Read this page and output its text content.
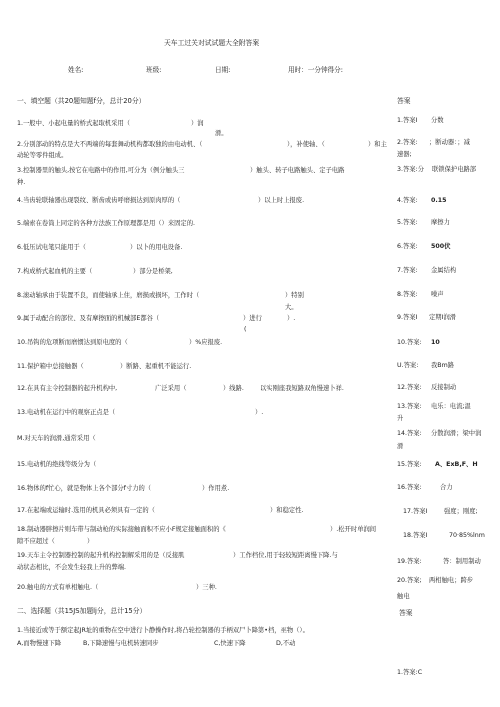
天车工过关对试试题大全附答案
姓名:	班级:	日期:	用时：一分钟得分:
一、填空题（共20题知题f分，总计20分）	答案
1.一般中、小起电量的桥式起取机采用（	）润
滑。
2.分别部动的特点是大不两端的每套舞动机构都取独的由电动机、（	），补使轴、（	）和主
动轮等零件组成。
3.控制器里的触头,按它在电路中的作用,可分为（例分触头三	）触头、转子电路触头、定子电路
种.
4.当齿轮联轴器出现裂纹、断齿或齿呼磨损达到原肉厚的（	）以上时上报废.
5.端索在卷筒上同定的各种方法族工作原理都是用（）来固定的.
6.低压试电笔只能用于（	）以卜的用电设备.
7.构成桥式起血机的主要（	）部分是桥架,
8.滚动轴承由于装置不良，而使轴承上住，磨损或损坏，工作时（	）特别
大。
9.属于动配合的部位、及有摩擦面的机械部E都谷（	）进行	）.
(
10.吊钩的危项断而磨惯达到原电度的（	）%应报废.
11.保护箱中总接触器（	）断路、起重机不能运行.
12.在具有主令控制器的起升机构中,	广泛采用（	）线路.	以实刚座我短路双角慢速卜祥.
13.电动机在运行中的观察正点是（	）.
M.对天车的润滑,通常采用（
15.电动机的绝线等级分为（
16.物体的f忙心，就是物体上各个部分f寸力的（	）作用煮.
17.在起端或运输时.选用的机具必须具有一定的（	）和稳定性.
18.制动器胖擦片则车带与制动枪的实际接触面积不应小F规定接触面积的《	）.松开时单润间
隙不应超过（	）
19.天车主令控制器控制的起升机构控制解采用的是（反接肌	）工作档位,用于轻较短距离慢下降.与
动状态相比，不会发生轻我上升的弊端.
20.触电的方式有单相触电.（	）三种.
1.答案I 分数
2.答案: ；断动器：；减
速器;
3.答案:分 联锁保护电路部
4.答案: 0.15
5.答案: 摩擦力
6.答案: 500伏
7.答案: 金属结构
8.答案: 噪声
9.答案I 定期I润滑
10.答案: 10
U.答案: 我Bm路
12.答案: 反接制动
13.答案: 电乐：电流;温
升
14.答案: 分散润滑；梁中润
滑
15.答案: A、ExB,F、H
16.答案:	合力
17.答案I	强度；刚度;
18.答案I	70·85%lnm
19.答案:	答：制用制动
20.答案; 两相触电；跨步
触电
二、选择题（共15JS加题lj分，总计15分）	答案
1.当接近或等于额定起JR址的重物在空中进行卜静操作时,将凸轮控制器的手柄双尸卜降第•档，巫物（）。
A,而物慢速下降	B,下降速慢与电机转速同步	C,快速下降	D,不动
1.答案:C
